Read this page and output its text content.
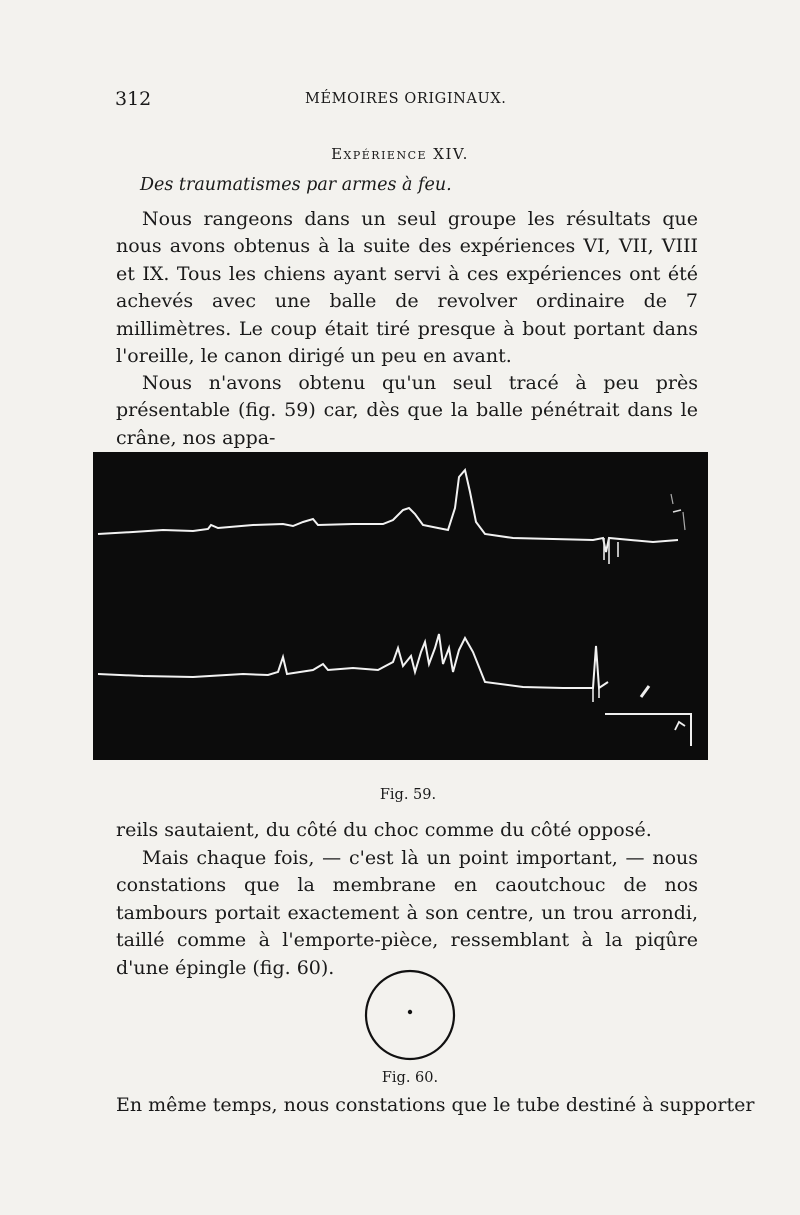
312	MÉMOIRES ORIGINAUX.
Expérience XIV.
Des traumatismes par armes à feu.

Nous rangeons dans un seul groupe les résultats que nous avons obtenus à la suite des expériences VI, VII, VIII et IX. Tous les chiens ayant servi à ces expériences ont été achevés avec une balle de revolver ordinaire de 7 millimètres. Le coup était tiré presque à bout portant dans l'oreille, le canon dirigé un peu en avant.

Nous n'avons obtenu qu'un seul tracé à peu près présentable (fig. 59) car, dès que la balle pénétrait dans le crâne, nos appa-

Fig. 59.

reils sautaient, du côté du choc comme du côté opposé.

Mais chaque fois, — c'est là un point important, — nous constations que la membrane en caoutchouc de nos tambours portait exactement à son centre, un trou arrondi, taillé comme à l'emporte-pièce, ressemblant à la piqûre d'une épingle (fig. 60).

Fig. 60.

En même temps, nous constations que le tube destiné à supporter
